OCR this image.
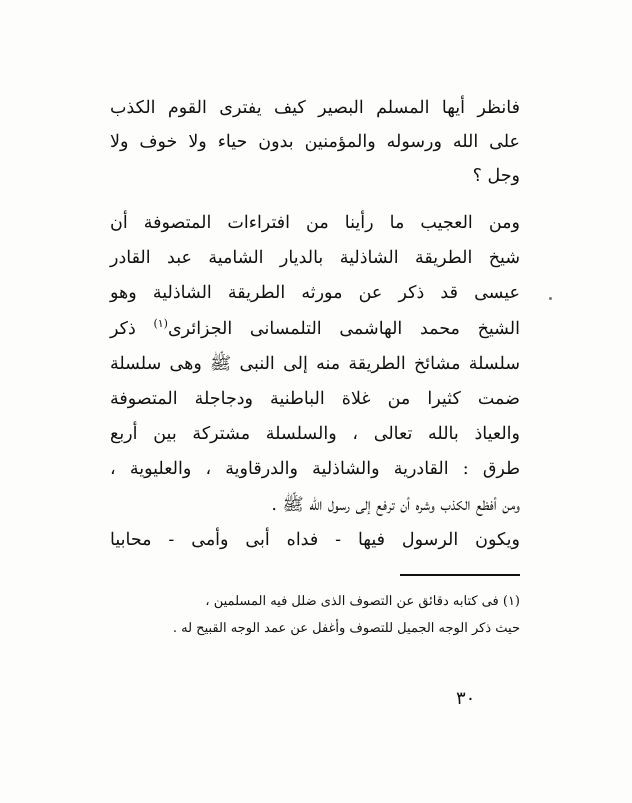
فانظر أيها المسلم البصير كيف يفترى القوم الكذب
على الله ورسوله والمؤمنين بدون حياء ولا خوف ولا
وجل ؟
ومن العجيب ما رأينا من افتراءات المتصوفة أن
شيخ الطريقة الشاذلية بالديار الشامية عبد القادر
عيسى قد ذكر عن مورثه الطريقة الشاذلية وهو
الشيخ محمد الهاشمى التلمسانى الجزائرى$^{(١)}$ ذكر
سلسلة مشائخ الطريقة منه إلى النبى ﷺ وهى سلسلة
ضمت كثيرا من غلاة الباطنية ودجاجلة المتصوفة
والعياذ بالله تعالى ، والسلسلة مشتركة بين أربع
طرق : القادرية والشاذلية والدرقاوية ، والعليوية ،
ومن أفظع الكذب وشره أن ترفع إلى رسول الله ﷺ .
ويكون الرسول فيها - فداه أبى وأمى - محابيا
(١) فى كتابه دقائق عن التصوف الذى ضلل فيه المسلمين ،
حيث ذكر الوجه الجميل للتصوف وأغفل عن عمد الوجه القبيح له .
٣٠
